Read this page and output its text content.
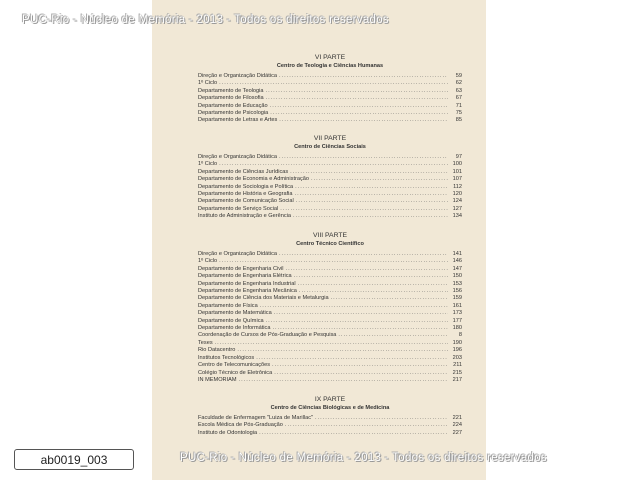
VI PARTE
Centro de Teologia e Ciências Humanas
Direção e Organização Didática .....	59
1º Ciclo .....	62
Departamento de Teologia .....	63
Departamento de Filosofia .....	67
Departamento de Educação .....	71
Departamento de Psicologia .....	75
Departamento de Letras e Artes .....	85
VII PARTE
Centro de Ciências Sociais
Direção e Organização Didática .....	97
1º Ciclo .....	100
Departamento de Ciências Jurídicas .....	101
Departamento de Economia e Administração .....	107
Departamento de Sociologia e Política .....	112
Departamento de História e Geografia .....	120
Departamento de Comunicação Social .....	124
Departamento de Serviço Social .....	127
Instituto de Administração e Gerência .....	134
VIII PARTE
Centro Técnico Científico
Direção e Organização Didática .....	141
1º Ciclo .....	146
Departamento de Engenharia Civil .....	147
Departamento de Engenharia Elétrica .....	150
Departamento de Engenharia Industrial .....	153
Departamento de Engenharia Mecânica .....	156
Departamento de Ciência dos Materiais e Metalurgia .....	159
Departamento de Física .....	161
Departamento de Matemática .....	173
Departamento de Química .....	177
Departamento de Informática .....	180
Coordenação de Cursos de Pós-Graduação e Pesquisa .....	8
Teses .....	190
Rio Datacentro .....	196
Institutos Tecnológicos .....	203
Centro de Telecomunicações .....	211
Colégio Técnico de Eletrônica .....	215
IN MEMORIAM .....	217
IX PARTE
Centro de Ciências Biológicas e de Medicina
Faculdade de Enfermagem "Luiza de Marillac" .....	221
Escola Médica de Pós-Graduação .....	224
Instituto de Odontologia .....	227
PUC-Rio - Núcleo de Memória - 2013 - Todos os direitos reservados
PUC-Rio - Núcleo de Memória - 2013 - Todos os direitos reservados
ab0019_003
